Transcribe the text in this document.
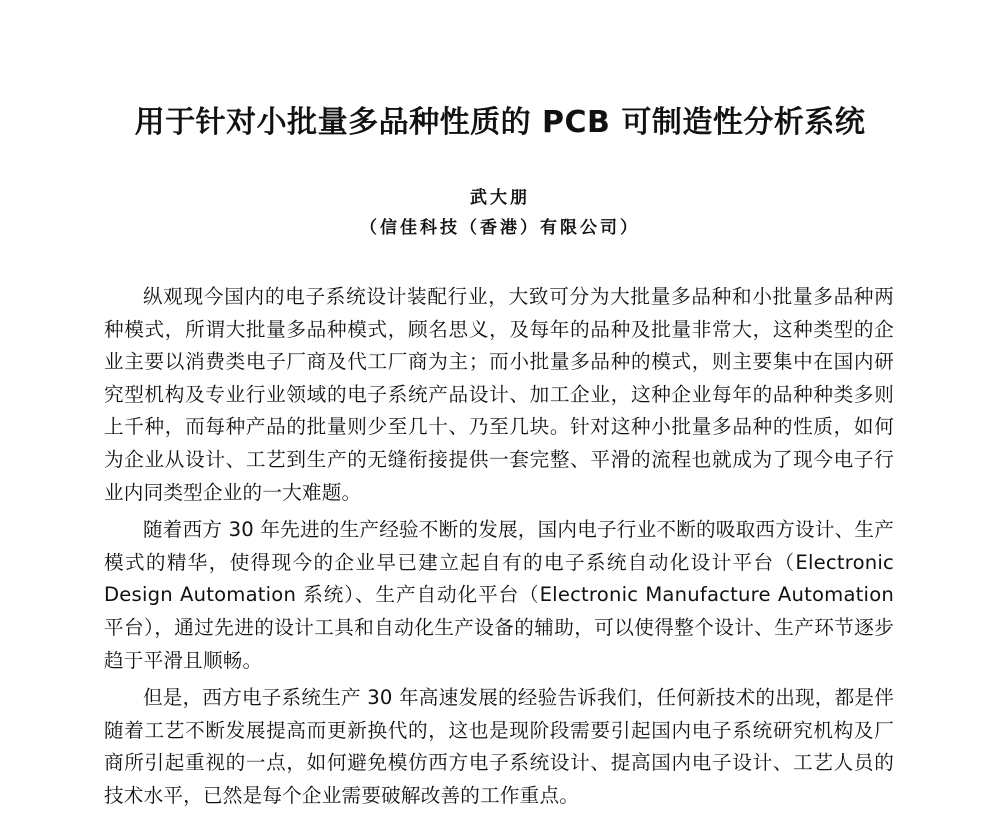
用于针对小批量多品种性质的 PCB 可制造性分析系统
武大朋
（信佳科技（香港）有限公司）

纵观现今国内的电子系统设计装配行业，大致可分为大批量多品种和小批量多品种两种模式，所谓大批量多品种模式，顾名思义，及每年的品种及批量非常大，这种类型的企业主要以消费类电子厂商及代工厂商为主；而小批量多品种的模式，则主要集中在国内研究型机构及专业行业领域的电子系统产品设计、加工企业，这种企业每年的品种种类多则上千种，而每种产品的批量则少至几十、乃至几块。针对这种小批量多品种的性质，如何为企业从设计、工艺到生产的无缝衔接提供一套完整、平滑的流程也就成为了现今电子行业内同类型企业的一大难题。

随着西方 30 年先进的生产经验不断的发展，国内电子行业不断的吸取西方设计、生产模式的精华，使得现今的企业早已建立起自有的电子系统自动化设计平台（Electronic Design Automation 系统）、生产自动化平台（Electronic Manufacture Automation 平台），通过先进的设计工具和自动化生产设备的辅助，可以使得整个设计、生产环节逐步趋于平滑且顺畅。

但是，西方电子系统生产 30 年高速发展的经验告诉我们，任何新技术的出现，都是伴随着工艺不断发展提高而更新换代的，这也是现阶段需要引起国内电子系统研究机构及厂商所引起重视的一点，如何避免模仿西方电子系统设计、提高国内电子设计、工艺人员的技术水平，已然是每个企业需要破解改善的工作重点。
